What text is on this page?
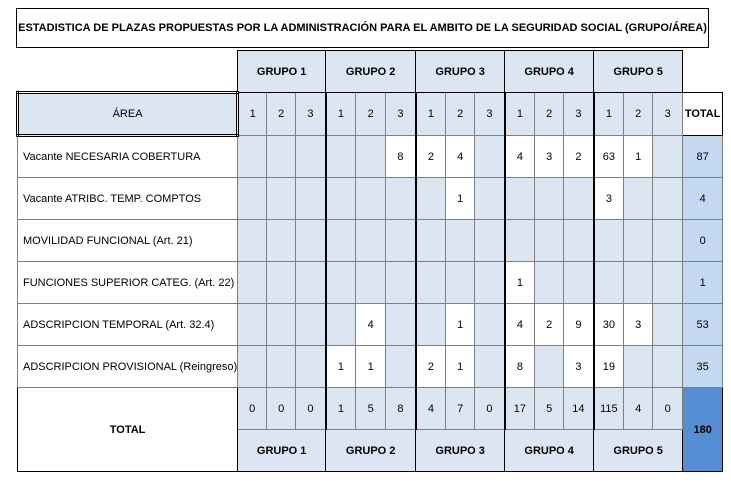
ESTADISTICA DE PLAZAS PROPUESTAS POR LA ADMINISTRACIÓN PARA EL AMBITO DE LA SEGURIDAD SOCIAL (GRUPO/ÁREA)
	GRUPO 1			GRUPO 2			GRUPO 3			GRUPO 4			GRUPO 5			
ÁREA	1	2	3	1	2	3	1	2	3	1	2	3	1	2	3	TOTAL
Vacante NECESARIA COBERTURA						8	2	4		4	3	2	63	1		87
Vacante ATRIBC. TEMP. COMPTOS								1					3			4
MOVILIDAD FUNCIONAL (Art. 21)																0
FUNCIONES SUPERIOR CATEG. (Art. 22)										1						1
ADSCRIPCION TEMPORAL (Art. 32.4)					4			1		4	2	9	30	3		53
ADSCRIPCION PROVISIONAL (Reingreso)				1	1		2	1		8		3	19			35
TOTAL	0	0	0	1	5	8	4	7	0	17	5	14	115	4	0	180
	GRUPO 1			GRUPO 2			GRUPO 3			GRUPO 4			GRUPO 5			
